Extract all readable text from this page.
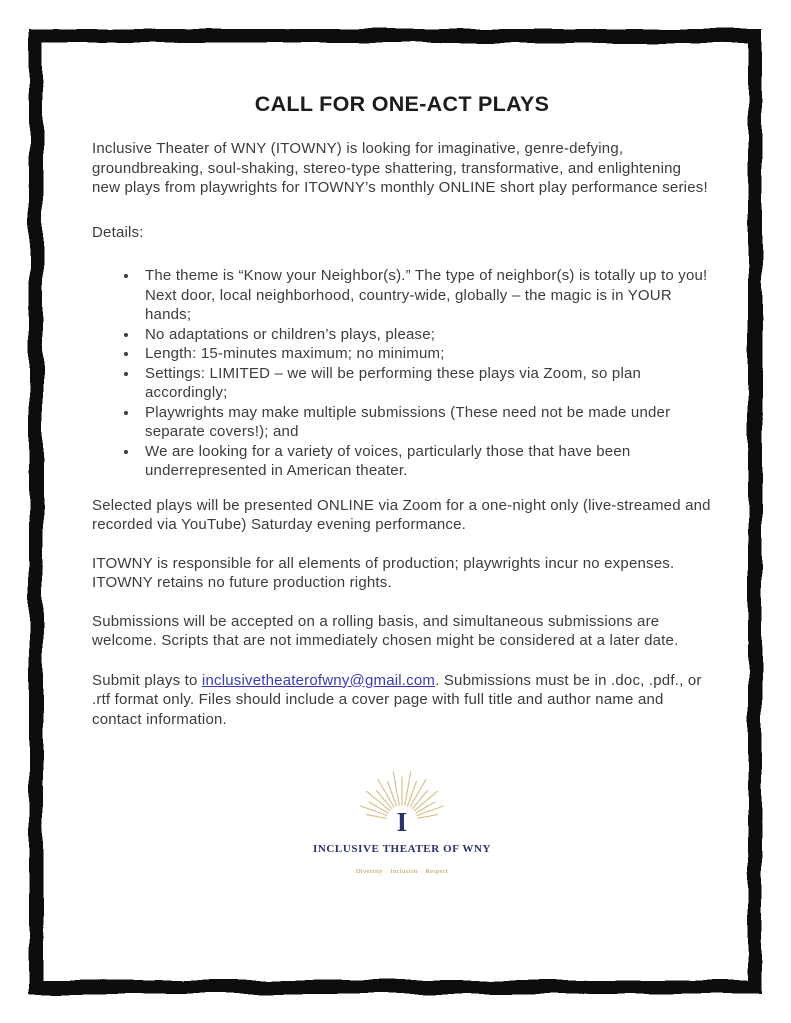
CALL FOR ONE-ACT PLAYS

Inclusive Theater of WNY (ITOWNY) is looking for imaginative, genre-defying, groundbreaking, soul-shaking, stereo-type shattering, transformative, and enlightening new plays from playwrights for ITOWNY’s monthly ONLINE short play performance series!

Details:

• The theme is “Know your Neighbor(s).” The type of neighbor(s) is totally up to you! Next door, local neighborhood, country-wide, globally – the magic is in YOUR hands;
• No adaptations or children’s plays, please;
• Length: 15-minutes maximum; no minimum;
• Settings: LIMITED – we will be performing these plays via Zoom, so plan accordingly;
• Playwrights may make multiple submissions (These need not be made under separate covers!); and
• We are looking for a variety of voices, particularly those that have been underrepresented in American theater.

Selected plays will be presented ONLINE via Zoom for a one-night only (live-streamed and recorded via YouTube) Saturday evening performance.

ITOWNY is responsible for all elements of production; playwrights incur no expenses. ITOWNY retains no future production rights.

Submissions will be accepted on a rolling basis, and simultaneous submissions are welcome. Scripts that are not immediately chosen might be considered at a later date.

Submit plays to inclusivetheaterofwny@gmail.com. Submissions must be in .doc, .pdf., or .rtf format only. Files should include a cover page with full title and author name and contact information.

I
INCLUSIVE THEATER OF WNY
Diversity Inclusion Respect
